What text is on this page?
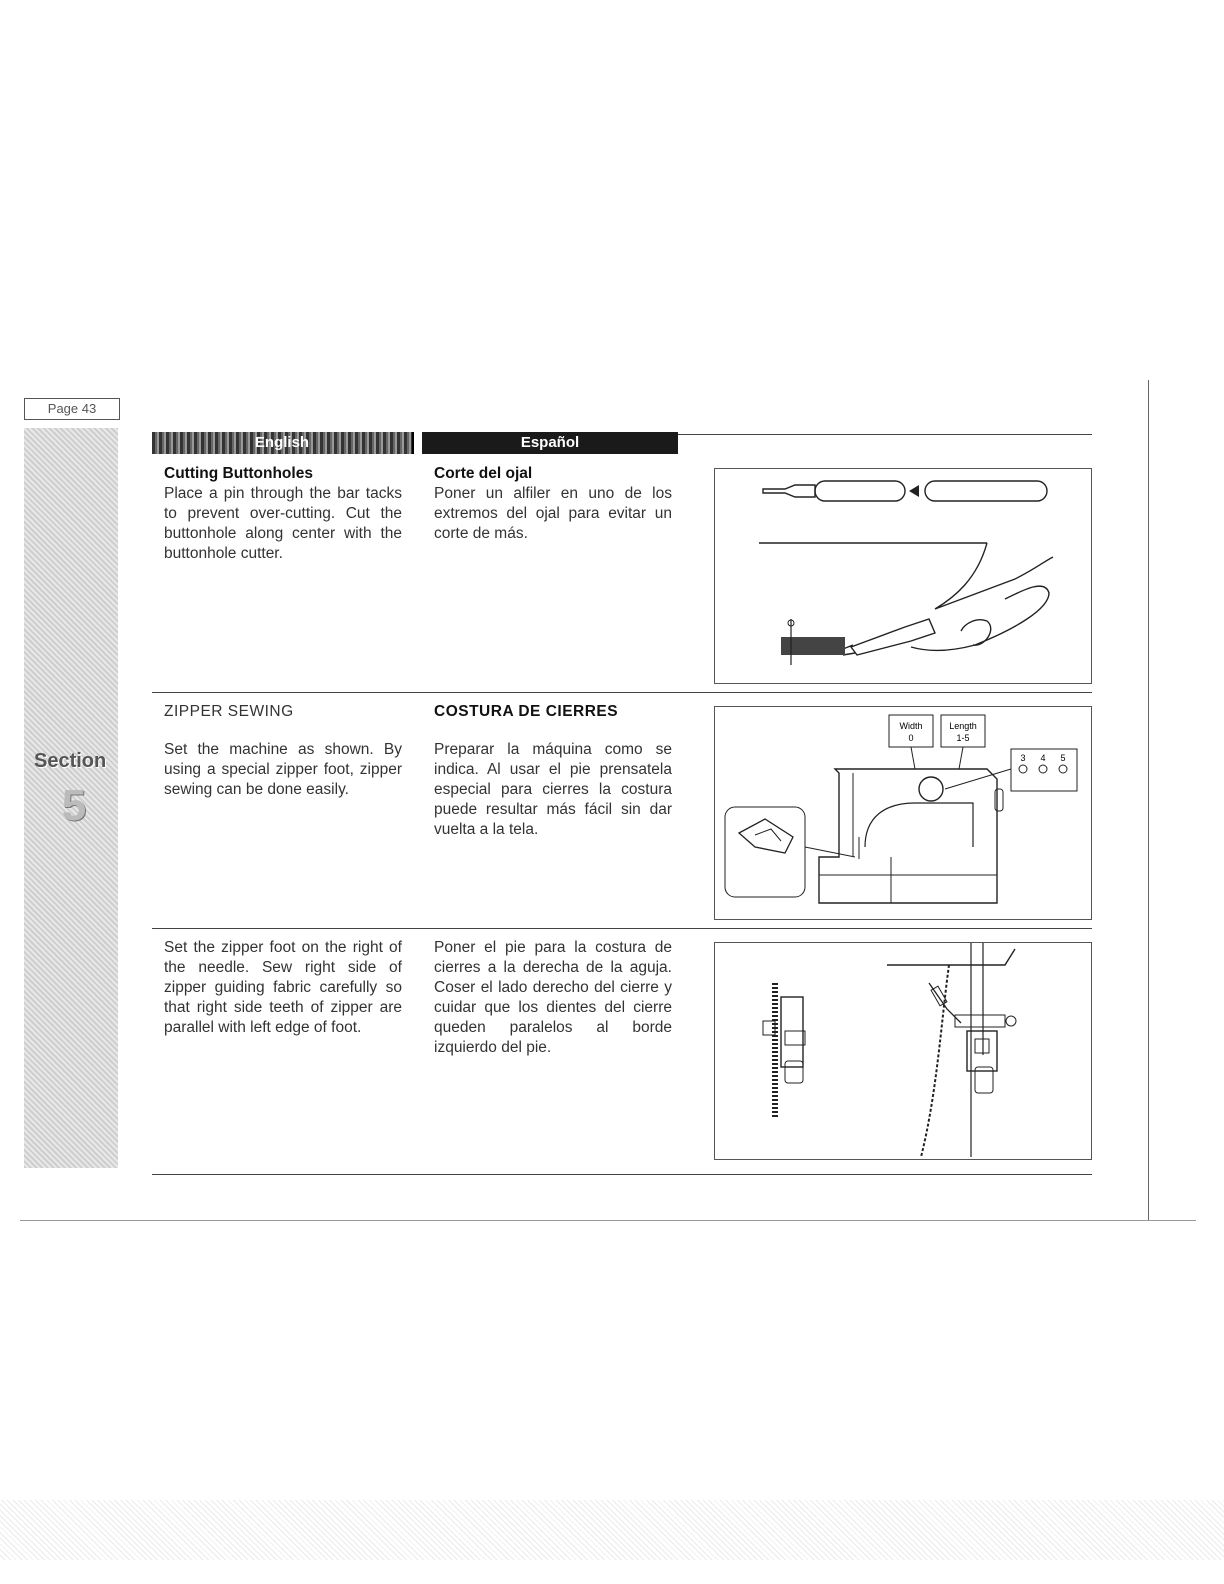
Page 43
Section
5
English	Español
Cutting Buttonholes
Place a pin through the bar tacks to prevent over-cutting. Cut the buttonhole along center with the buttonhole cutter.
Corte del ojal
Poner un alfiler en uno de los extremos del ojal para evitar un corte de más.
ZIPPER SEWING
Set the machine as shown. By using a special zipper foot, zipper sewing can be done easily.
COSTURA DE CIERRES
Preparar la máquina como se indica. Al usar el pie prensatela especial para cierres la costura puede resultar más fácil sin dar vuelta a la tela.
Width
0
Length
1-5
3 4 5
Set the zipper foot on the right of the needle. Sew right side of zipper guiding fabric carefully so that right side teeth of zipper are parallel with left edge of foot.
Poner el pie para la costura de cierres a la derecha de la aguja. Coser el lado derecho del cierre y cuidar que los dientes del cierre queden paralelos al borde izquierdo del pie.
